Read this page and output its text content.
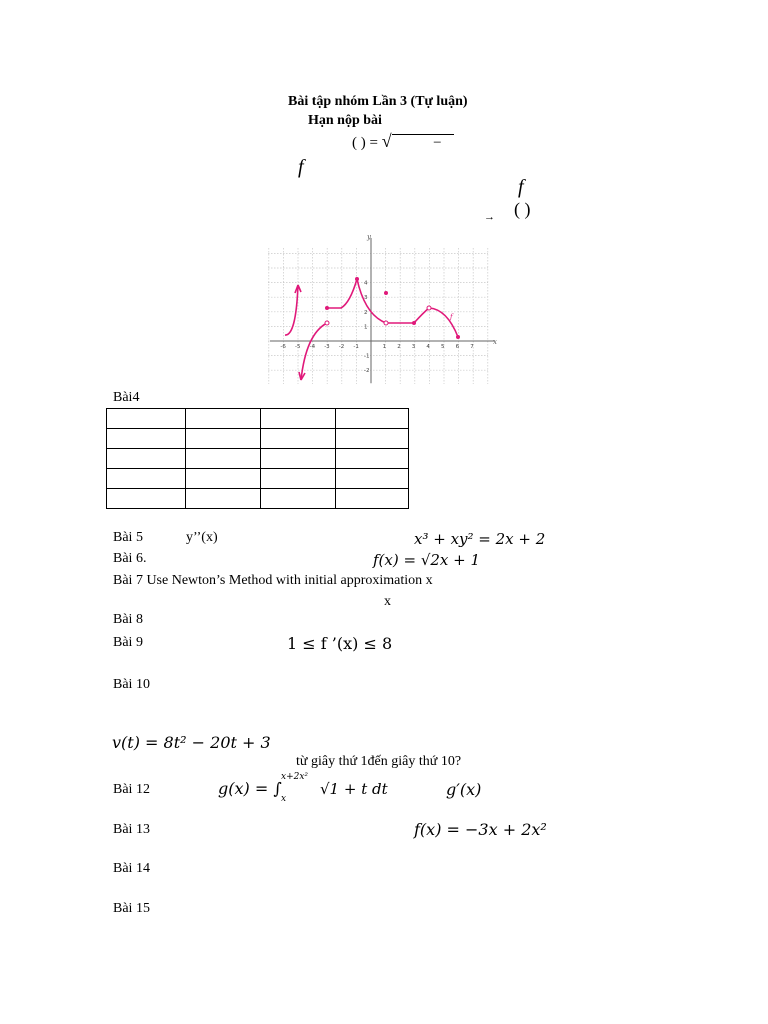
Bài tập nhóm Lần 3 (Tự luận)
Hạn nộp bài
( ) = √	−
f
f
→ ( )
y
x
-6 -5 -4 -3 -2 -1	1 2 3 4 5 6 7
4
3
2
1
-1
-2
f
Bài4

Bài 5	y’’(x)	x³ + xy² = 2x + 2
Bài 6.	f(x) = √2x + 1
Bài 7 Use Newton’s Method with initial approximation x
x
Bài 8
Bài 9	1 ≤ f ’(x) ≤ 8
Bài 10
v(t) = 8t² − 20t + 3
từ giây thứ 1đến giây thứ 10?
Bài 12	g(x) = ∫
x+2x²
x
√1 + t dt	g′(x)
Bài 13	f(x) = −3x + 2x²
Bài 14
Bài 15
